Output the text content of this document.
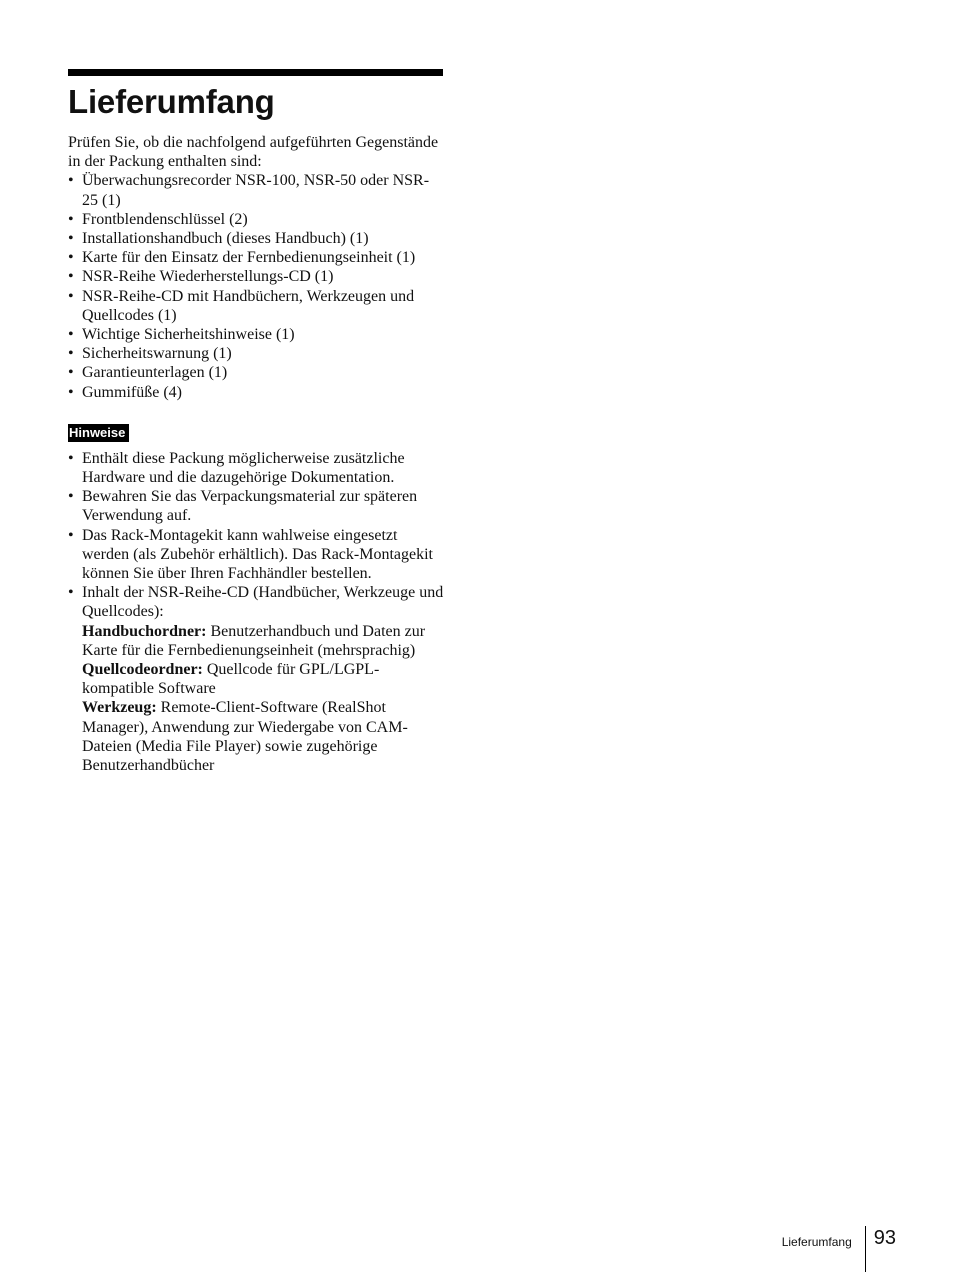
Lieferumfang

Prüfen Sie, ob die nachfolgend aufgeführten Gegenstände in der Packung enthalten sind:

• Überwachungsrecorder NSR-100, NSR-50 oder NSR-25 (1)
• Frontblendenschlüssel (2)
• Installationshandbuch (dieses Handbuch) (1)
• Karte für den Einsatz der Fernbedienungseinheit (1)
• NSR-Reihe Wiederherstellungs-CD (1)
• NSR-Reihe-CD mit Handbüchern, Werkzeugen und Quellcodes (1)
• Wichtige Sicherheitshinweise (1)
• Sicherheitswarnung (1)
• Garantieunterlagen (1)
• Gummifüße (4)
Hinweise
• Enthält diese Packung möglicherweise zusätzliche Hardware und die dazugehörige Dokumentation.
• Bewahren Sie das Verpackungsmaterial zur späteren Verwendung auf.
• Das Rack-Montagekit kann wahlweise eingesetzt werden (als Zubehör erhältlich). Das Rack-Montagekit können Sie über Ihren Fachhändler bestellen.
• Inhalt der NSR-Reihe-CD (Handbücher, Werkzeuge und Quellcodes):
Handbuchordner: Benutzerhandbuch und Daten zur Karte für die Fernbedienungseinheit (mehrsprachig)
Quellcodeordner: Quellcode für GPL/LGPL-kompatible Software
Werkzeug: Remote-Client-Software (RealShot Manager), Anwendung zur Wiedergabe von CAM-Dateien (Media File Player) sowie zugehörige Benutzerhandbücher
Lieferumfang 93
